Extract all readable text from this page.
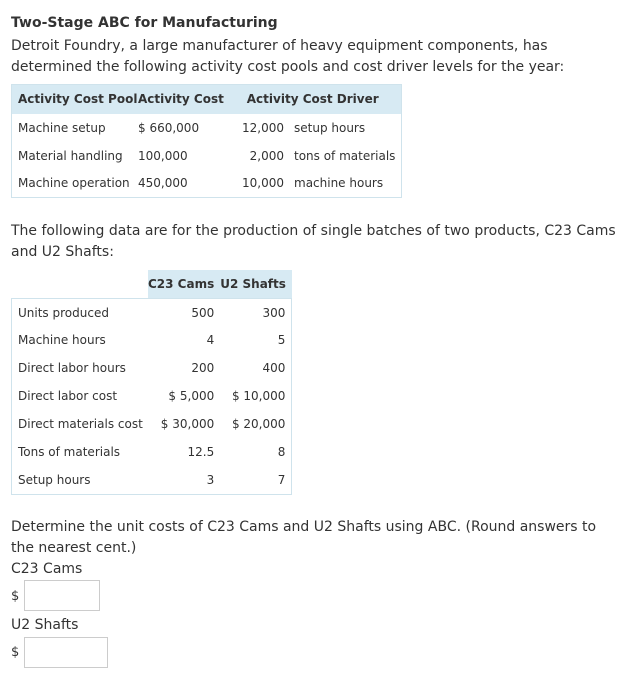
Two-Stage ABC for Manufacturing
Detroit Foundry, a large manufacturer of heavy equipment components, has determined the following activity cost pools and cost driver levels for the year:
Activity Cost Pool	Activity Cost	Activity Cost Driver	
Machine setup	$ 660,000	12,000	setup hours
Material handling	100,000	2,000	tons of materials
Machine operation	450,000	10,000	machine hours
The following data are for the production of single batches of two products, C23 Cams and U2 Shafts:
	C23 Cams	U2 Shafts
Units produced	500	300
Machine hours	4	5
Direct labor hours	200	400
Direct labor cost	$ 5,000	$ 10,000
Direct materials cost	$ 30,000	$ 20,000
Tons of materials	12.5	8
Setup hours	3	7
Determine the unit costs of C23 Cams and U2 Shafts using ABC. (Round answers to the nearest cent.)
C23 Cams
$
U2 Shafts
$
